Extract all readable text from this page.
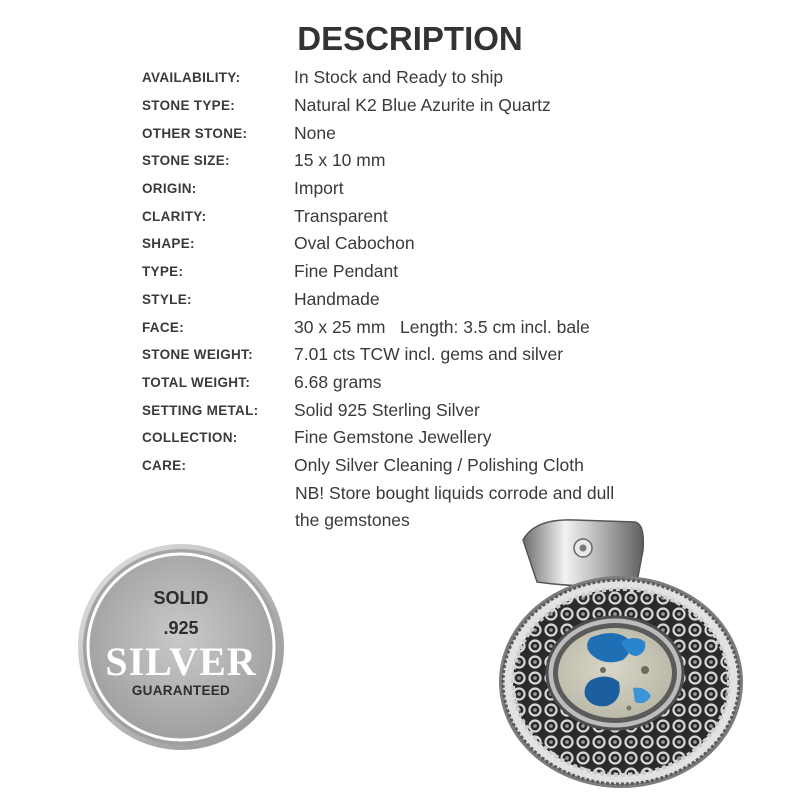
DESCRIPTION
AVAILABILITY:	In Stock and Ready to ship
STONE TYPE:	Natural K2 Blue Azurite in Quartz
OTHER STONE:	None
STONE SIZE:	15 x 10 mm
ORIGIN:	Import
CLARITY:	Transparent
SHAPE:	Oval Cabochon
TYPE:	Fine Pendant
STYLE:	Handmade
FACE:	30 x 25 mm   Length: 3.5 cm incl. bale
STONE WEIGHT:	7.01 cts TCW incl. gems and silver
TOTAL WEIGHT:	6.68 grams
SETTING METAL:	Solid 925 Sterling Silver
COLLECTION:	Fine Gemstone Jewellery
CARE:	Only Silver Cleaning / Polishing Cloth
NB! Store bought liquids corrode and dull
the gemstones
SOLID
.925
SILVER
GUARANTEED
